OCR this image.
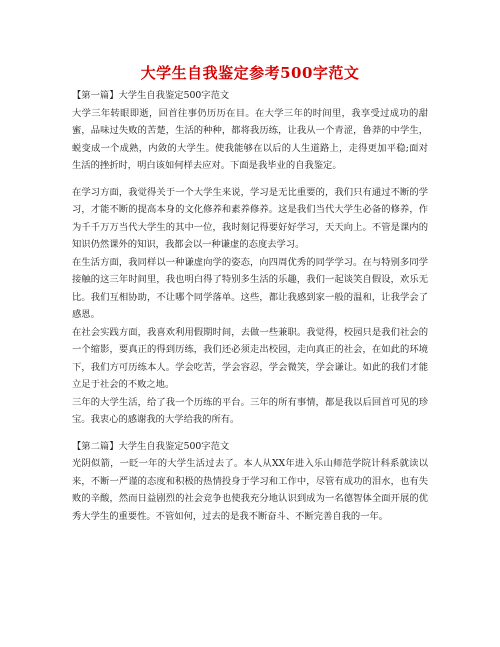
大学生自我鉴定参考500字范文

【第一篇】大学生自我鉴定500字范文

大学三年转眼即逝，回首往事仍历历在目。在大学三年的时间里，我享受过成功的甜蜜，品味过失败的苦楚，生活的种种，都将我历练，让我从一个青涩，鲁莽的中学生，蜕变成一个成熟，内敛的大学生。使我能够在以后的人生道路上，走得更加平稳;面对生活的挫折时，明白该如何样去应对。下面是我毕业的自我鉴定。

在学习方面，我觉得关于一个大学生来说，学习是无比重要的，我们只有通过不断的学习，才能不断的提高本身的文化修养和素养修养。这是我们当代大学生必备的修养，作为千千万万当代大学生的其中一位，我时刻记得要好好学习，天天向上。不管是课内的知识仍然课外的知识，我都会以一种谦虚的态度去学习。

在生活方面，我同样以一种谦虚向学的姿态，向四周优秀的同学学习。在与特别多同学接触的这三年时间里，我也明白得了特别多生活的乐趣，我们一起谈笑自假设，欢乐无比。我们互相协助，不让哪个同学落单。这些，都让我感到家一般的温和，让我学会了感恩。

在社会实践方面，我喜欢利用假期时间，去做一些兼职。我觉得，校园只是我们社会的一个缩影，要真正的得到历练，我们还必须走出校园，走向真正的社会，在如此的环境下，我们方可历练本人。学会吃苦，学会容忍，学会微笑，学会谦让。如此的我们才能立足于社会的不败之地。

三年的大学生活，给了我一个历练的平台。三年的所有事情，都是我以后回首可见的珍宝。我衷心的感谢我的大学给我的所有。

【第二篇】大学生自我鉴定500字范文

光阴似箭，一眨一年的大学生活过去了。本人从XX年进入乐山师范学院计科系就读以来，不断一严谨的态度和积极的热情投身于学习和工作中，尽管有成功的泪水，也有失败的辛酸，然而日益剧烈的社会竞争也使我充分地认识到成为一名德智体全面开展的优秀大学生的重要性。不管如何，过去的是我不断奋斗、不断完善自我的一年。
